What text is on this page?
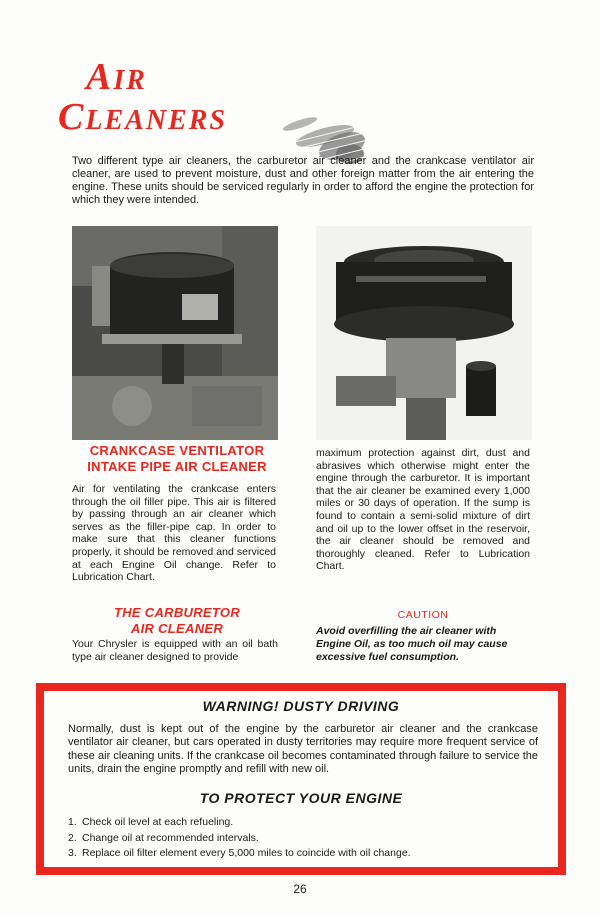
AIR
CLEANERS

Two different type air cleaners, the carburetor air cleaner and the crankcase ventilator air cleaner, are used to prevent moisture, dust and other foreign matter from the air entering the engine. These units should be serviced regularly in order to afford the engine the protection for which they were intended.

CRANKCASE VENTILATOR
INTAKE PIPE AIR CLEANER

Air for ventilating the crankcase enters through the oil filler pipe. This air is filtered by passing through an air cleaner which serves as the filler-pipe cap. In order to make sure that this cleaner functions properly, it should be removed and serviced at each Engine Oil change. Refer to Lubrication Chart.

THE CARBURETOR
AIR CLEANER

Your Chrysler is equipped with an oil bath type air cleaner designed to provide

maximum protection against dirt, dust and abrasives which otherwise might enter the engine through the carburetor. It is important that the air cleaner be examined every 1,000 miles or 30 days of operation. If the sump is found to contain a semi-solid mixture of dirt and oil up to the lower offset in the reservoir, the air cleaner should be removed and thoroughly cleaned. Refer to Lubrication Chart.

CAUTION

Avoid overfilling the air cleaner with Engine Oil, as too much oil may cause excessive fuel consumption.

WARNING! DUSTY DRIVING

Normally, dust is kept out of the engine by the carburetor air cleaner and the crankcase ventilator air cleaner, but cars operated in dusty territories may require more frequent service of these air cleaning units. If the crankcase oil becomes contaminated through failure to service the units, drain the engine promptly and refill with new oil.

TO PROTECT YOUR ENGINE
1. Check oil level at each refueling.
2. Change oil at recommended intervals.
3. Replace oil filter element every 5,000 miles to coincide with oil change.
26
